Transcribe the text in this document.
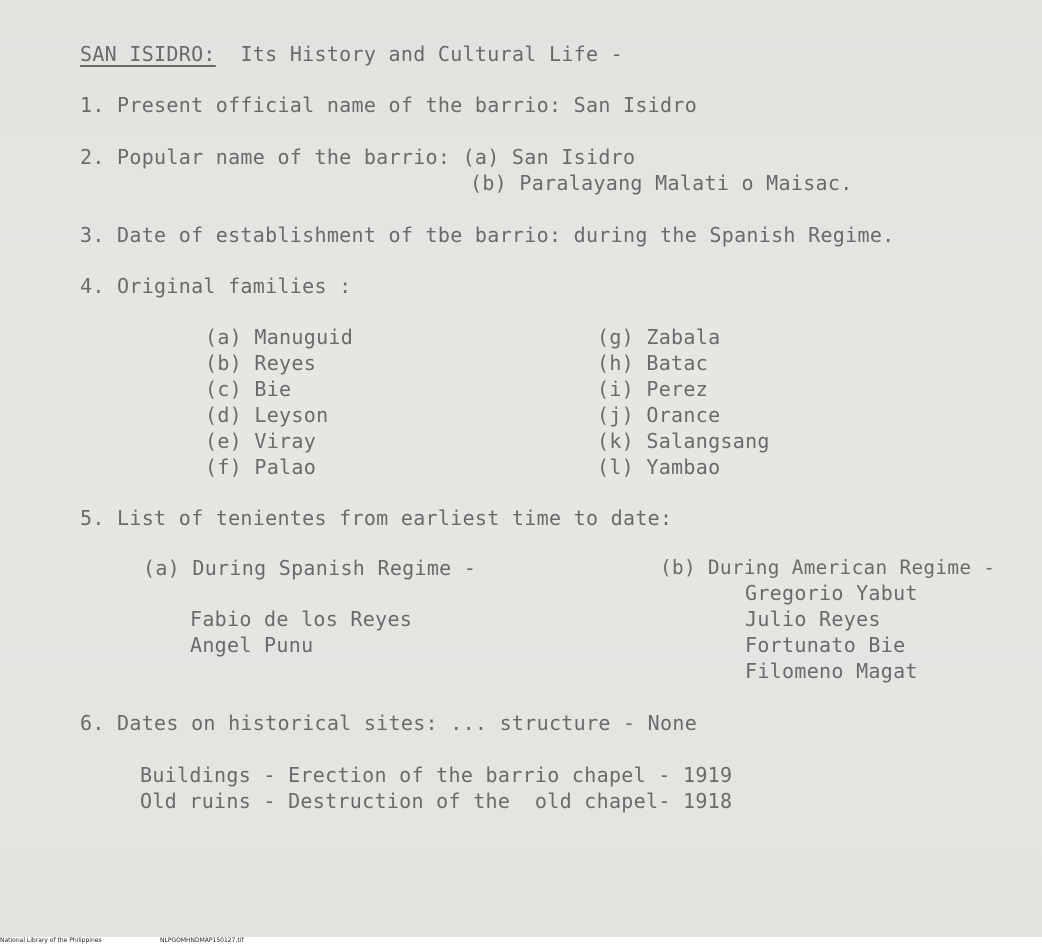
SAN ISIDRO: Its History and Cultural Life -
1. Present official name of the barrio: San Isidro
2. Popular name of the barrio: (a) San Isidro
(b) Paralayang Malati o Maisac.
3. Date of establishment of tbe barrio: during the Spanish Regime.
4. Original families :
(a) Manuguid
(b) Reyes
(c) Bie
(d) Leyson
(e) Viray
(f) Palao
(g) Zabala
(h) Batac
(i) Perez
(j) Orance
(k) Salangsang
(l) Yambao
5. List of tenientes from earliest time to date:
(a) During Spanish Regime -
Fabio de los Reyes
Angel Punu
(b) During American Regime -
Gregorio Yabut
Julio Reyes
Fortunato Bie
Filomeno Magat
6. Dates on historical sites: ... structure - None
Buildings - Erection of the barrio chapel - 1919
Old ruins - Destruction of the  old chapel- 1918
National Library of the Philippines	NLPGOMHNDMAP150127.tif
